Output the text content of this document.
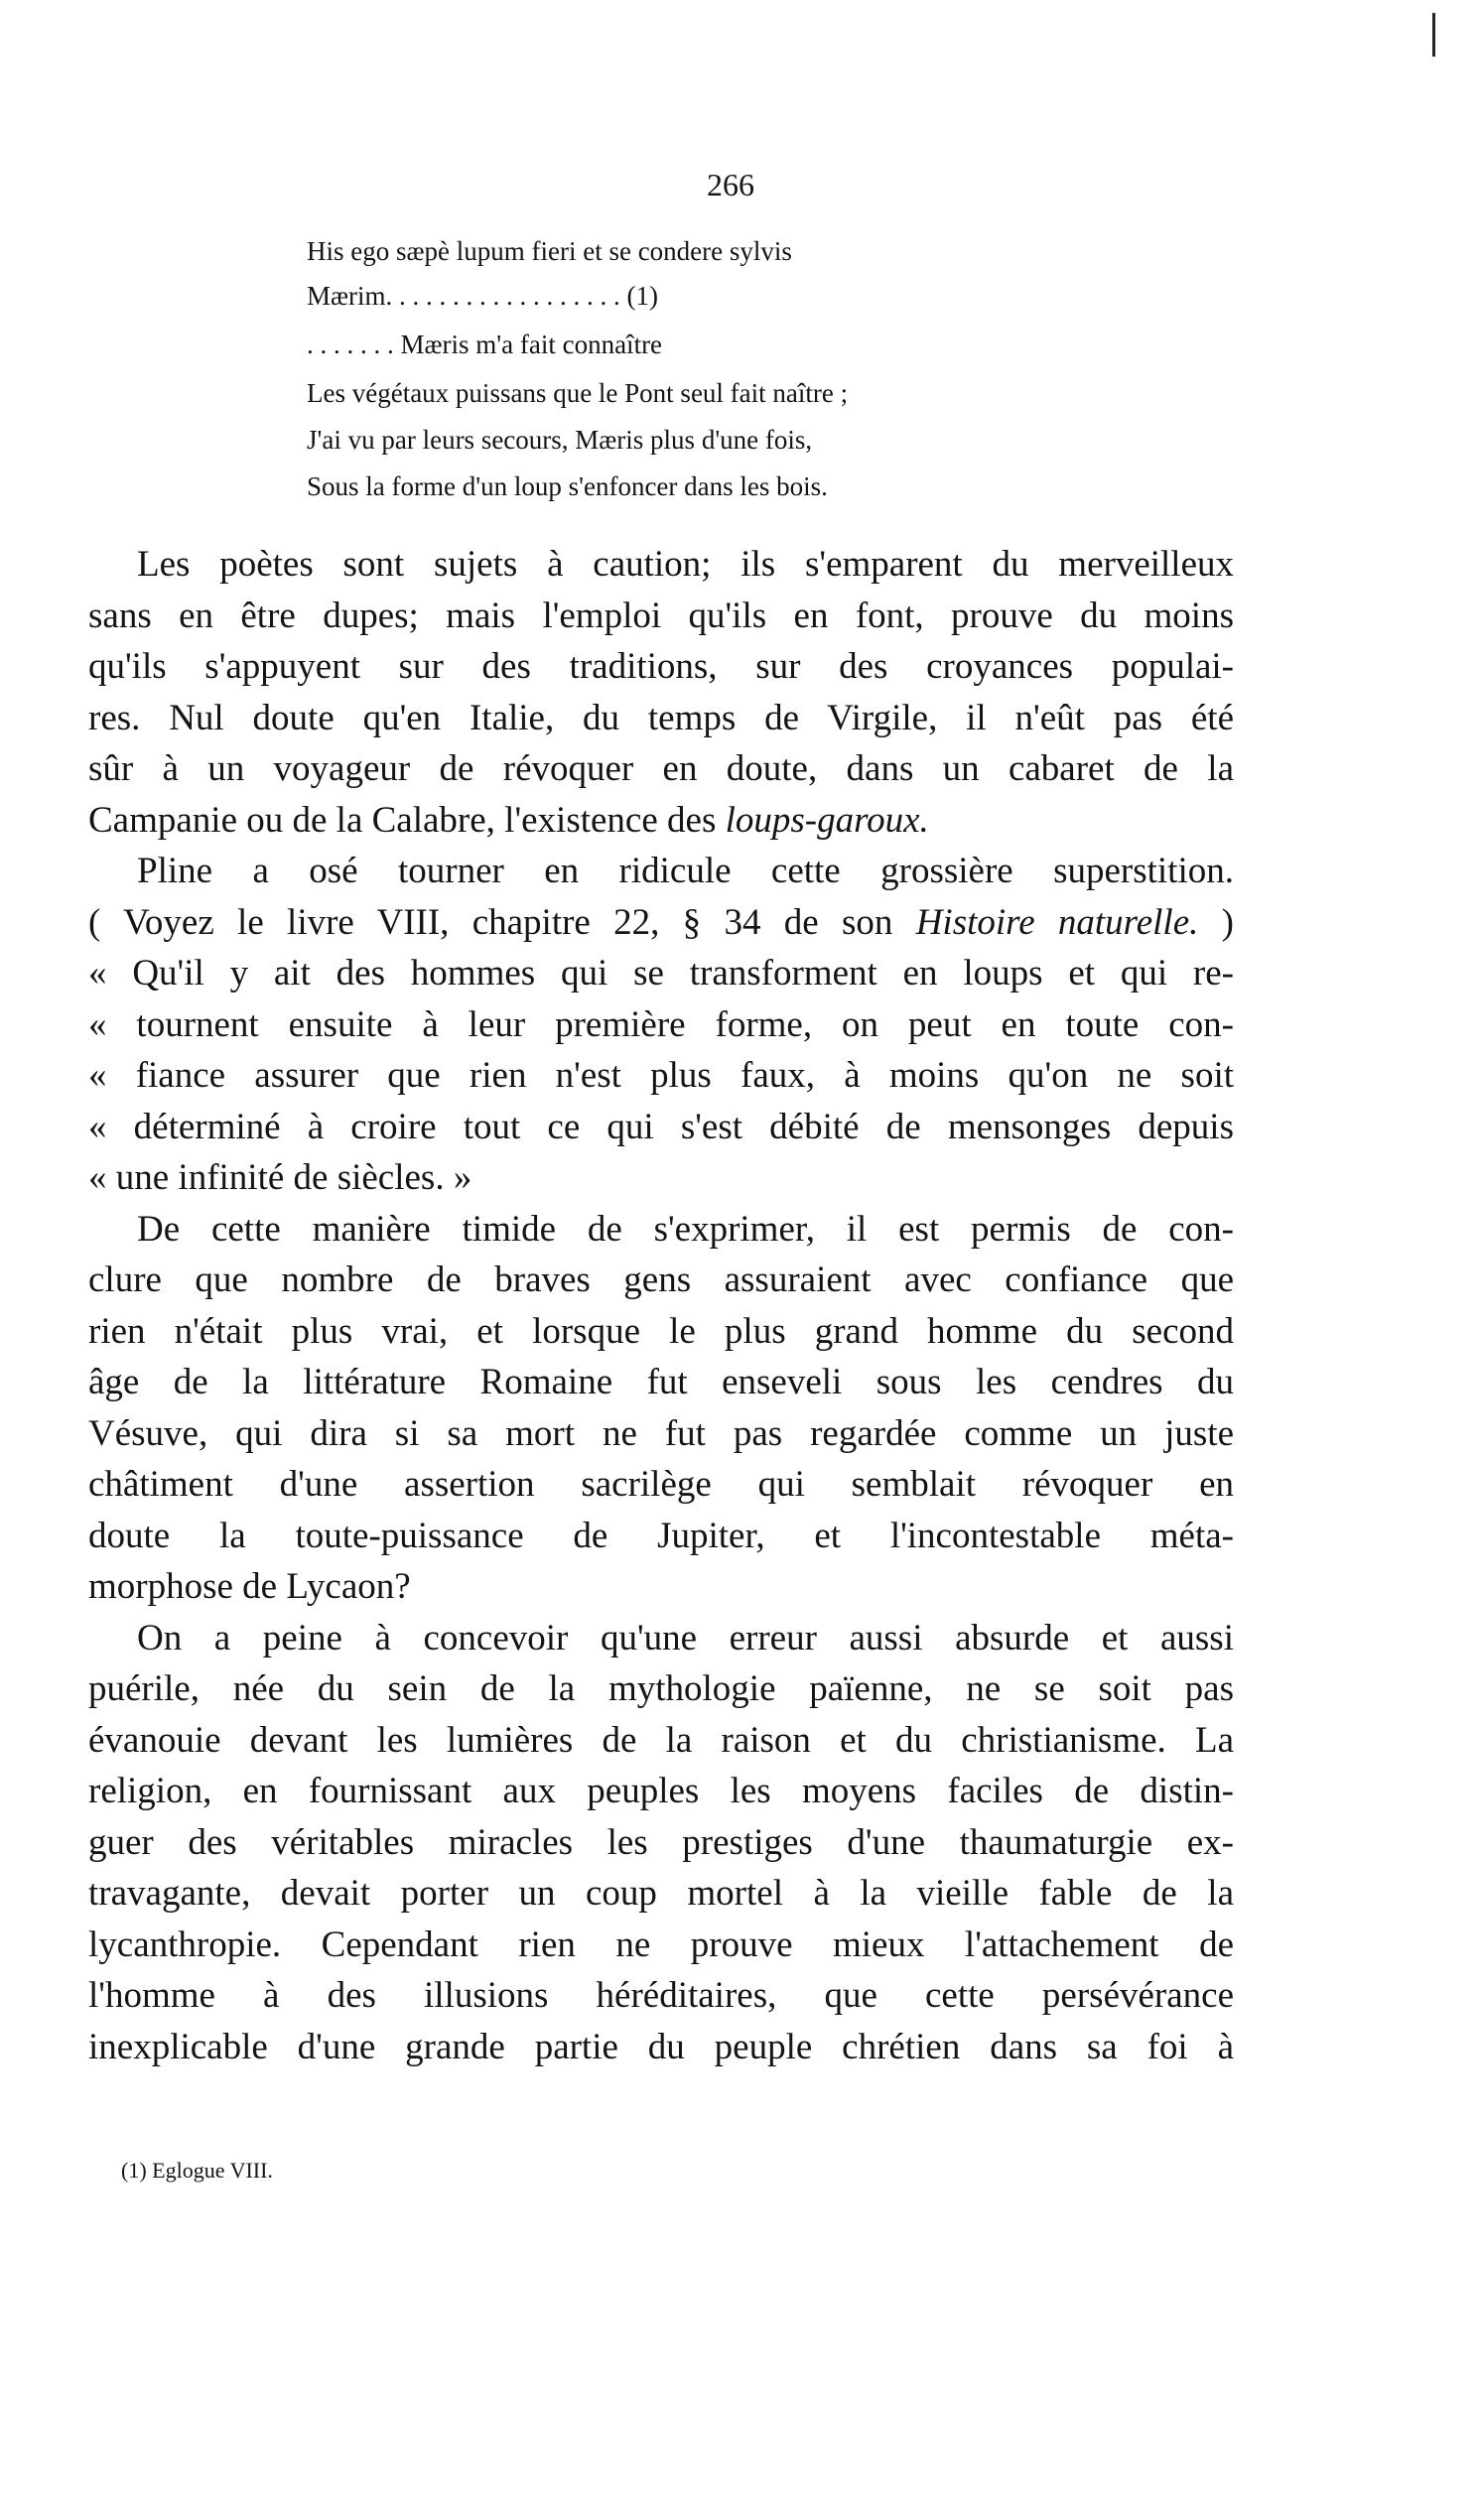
266
His ego sæpè lupum fieri et se condere sylvis
Mærim. . . . . . . . . . . . . . . . . . (1)
. . . . . . . Mæris m'a fait connaître
Les végétaux puissans que le Pont seul fait naître ;
J'ai vu par leurs secours, Mæris plus d'une fois,
Sous la forme d'un loup s'enfoncer dans les bois.
Les poètes sont sujets à caution; ils s'emparent du merveilleux
sans en être dupes; mais l'emploi qu'ils en font, prouve du moins
qu'ils s'appuyent sur des traditions, sur des croyances populai-
res. Nul doute qu'en Italie, du temps de Virgile, il n'eût pas été
sûr à un voyageur de révoquer en doute, dans un cabaret de la
Campanie ou de la Calabre, l'existence des loups-garoux.
Pline a osé tourner en ridicule cette grossière superstition.
( Voyez le livre VIII, chapitre 22, § 34 de son Histoire naturelle. )
« Qu'il y ait des hommes qui se transforment en loups et qui re-
« tournent ensuite à leur première forme, on peut en toute con-
« fiance assurer que rien n'est plus faux, à moins qu'on ne soit
« déterminé à croire tout ce qui s'est débité de mensonges depuis
« une infinité de siècles. »
De cette manière timide de s'exprimer, il est permis de con-
clure que nombre de braves gens assuraient avec confiance que
rien n'était plus vrai, et lorsque le plus grand homme du second
âge de la littérature Romaine fut enseveli sous les cendres du
Vésuve, qui dira si sa mort ne fut pas regardée comme un juste
châtiment d'une assertion sacrilège qui semblait révoquer en
doute la toute-puissance de Jupiter, et l'incontestable méta-
morphose de Lycaon?
On a peine à concevoir qu'une erreur aussi absurde et aussi
puérile, née du sein de la mythologie païenne, ne se soit pas
évanouie devant les lumières de la raison et du christianisme. La
religion, en fournissant aux peuples les moyens faciles de distin-
guer des véritables miracles les prestiges d'une thaumaturgie ex-
travagante, devait porter un coup mortel à la vieille fable de la
lycanthropie. Cependant rien ne prouve mieux l'attachement de
l'homme à des illusions héréditaires, que cette persévérance
inexplicable d'une grande partie du peuple chrétien dans sa foi à
(1) Eglogue VIII.
